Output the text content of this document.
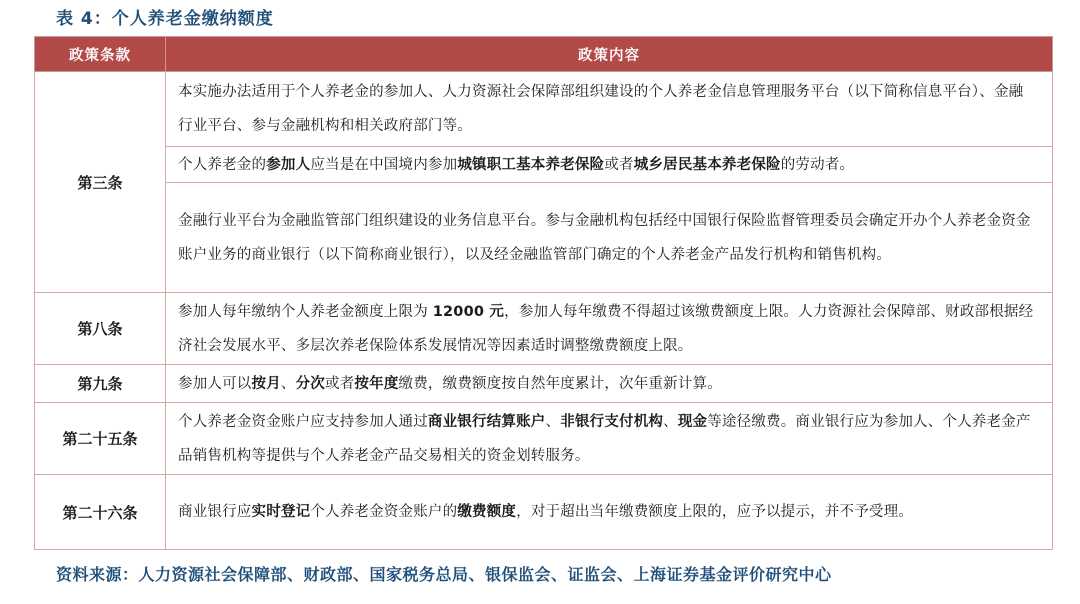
表 4：个人养老金缴纳额度
政策条款	政策内容
第三条	本实施办法适用于个人养老金的参加人、人力资源社会保障部组织建设的个人养老金信息管理服务平台（以下简称信息平台）、金融行业平台、参与金融机构和相关政府部门等。
	个人养老金的参加人应当是在中国境内参加城镇职工基本养老保险或者城乡居民基本养老保险的劳动者。
	金融行业平台为金融监管部门组织建设的业务信息平台。参与金融机构包括经中国银行保险监督管理委员会确定开办个人养老金资金账户业务的商业银行（以下简称商业银行），以及经金融监管部门确定的个人养老金产品发行机构和销售机构。
第八条	参加人每年缴纳个人养老金额度上限为 12000 元，参加人每年缴费不得超过该缴费额度上限。人力资源社会保障部、财政部根据经济社会发展水平、多层次养老保险体系发展情况等因素适时调整缴费额度上限。
第九条	参加人可以按月、分次或者按年度缴费，缴费额度按自然年度累计，次年重新计算。
第二十五条	个人养老金资金账户应支持参加人通过商业银行结算账户、非银行支付机构、现金等途径缴费。商业银行应为参加人、个人养老金产品销售机构等提供与个人养老金产品交易相关的资金划转服务。
第二十六条	商业银行应实时登记个人养老金资金账户的缴费额度，对于超出当年缴费额度上限的，应予以提示，并不予受理。
资料来源：人力资源社会保障部、财政部、国家税务总局、银保监会、证监会、上海证券基金评价研究中心
